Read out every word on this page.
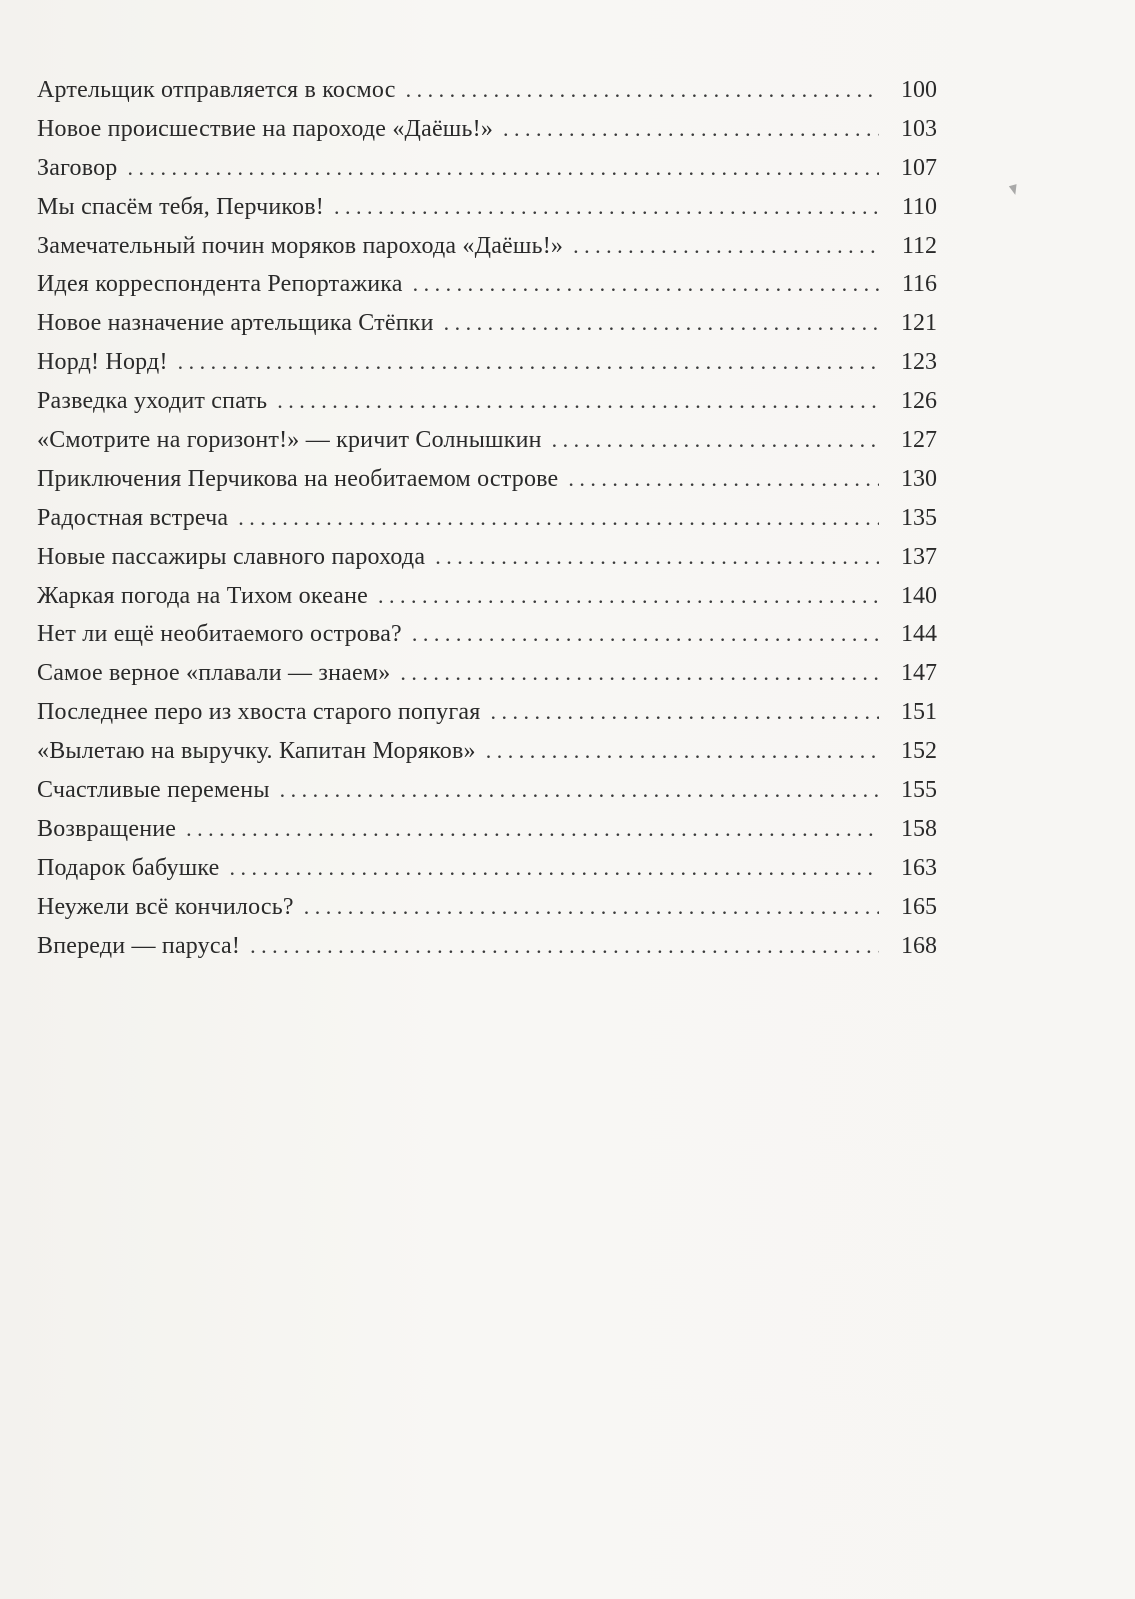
Артельщик отправляется в космос . . .	100
Новое происшествие на пароходе «Даёшь!» . . .	103
Заговор . . .	107
Мы спасём тебя, Перчиков! . . .	110
Замечательный почин моряков парохода «Даёшь!» . . .	112
Идея корреспондента Репортажика . . .	116
Новое назначение артельщика Стёпки . . .	121
Норд! Норд! . . .	123
Разведка уходит спать . . .	126
«Смотрите на горизонт!» — кричит Солнышкин . . .	127
Приключения Перчикова на необитаемом острове . . .	130
Радостная встреча . . .	135
Новые пассажиры славного парохода . . .	137
Жаркая погода на Тихом океане . . .	140
Нет ли ещё необитаемого острова? . . .	144
Самое верное «плавали — знаем» . . .	147
Последнее перо из хвоста старого попугая . . .	151
«Вылетаю на выручку. Капитан Моряков» . . .	152
Счастливые перемены . . .	155
Возвращение . . .	158
Подарок бабушке . . .	163
Неужели всё кончилось? . . .	165
Впереди — паруса! . . .	168
